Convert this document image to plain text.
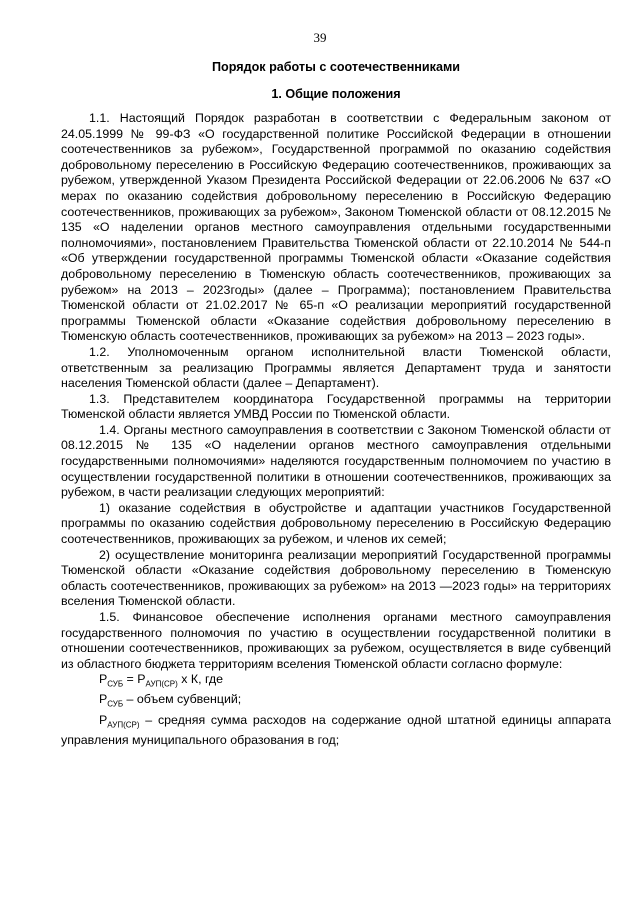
39
Порядок работы с соотечественниками
1. Общие положения

1.1. Настоящий Порядок разработан в соответствии с Федеральным законом от 24.05.1999 № 99-ФЗ «О государственной политике Российской Федерации в отношении соотечественников за рубежом», Государственной программой по оказанию содействия добровольному переселению в Российскую Федерацию соотечественников, проживающих за рубежом, утвержденной Указом Президента Российской Федерации от 22.06.2006 № 637 «О мерах по оказанию содействия добровольному переселению в Российскую Федерацию соотечественников, проживающих за рубежом», Законом Тюменской области от 08.12.2015 № 135 «О наделении органов местного самоуправления отдельными государственными полномочиями», постановлением Правительства Тюменской области от 22.10.2014 № 544-п «Об утверждении государственной программы Тюменской области «Оказание содействия добровольному переселению в Тюменскую область соотечественников, проживающих за рубежом» на 2013 – 2023годы» (далее – Программа); постановлением Правительства Тюменской области от 21.02.2017 № 65-п «О реализации мероприятий государственной программы Тюменской области «Оказание содействия добровольному переселению в Тюменскую область соотечественников, проживающих за рубежом» на 2013 – 2023 годы».

1.2. Уполномоченным органом исполнительной власти Тюменской области, ответственным за реализацию Программы является Департамент труда и занятости населения Тюменской области (далее – Департамент).

1.3. Представителем координатора Государственной программы на территории Тюменской области является УМВД России по Тюменской области.

1.4. Органы местного самоуправления в соответствии с Законом Тюменской области от 08.12.2015 № 135 «О наделении органов местного самоуправления отдельными государственными полномочиями» наделяются государственным полномочием по участию в осуществлении государственной политики в отношении соотечественников, проживающих за рубежом, в части реализации следующих мероприятий:

1) оказание содействия в обустройстве и адаптации участников Государственной программы по оказанию содействия добровольному переселению в Российскую Федерацию соотечественников, проживающих за рубежом, и членов их семей;

2) осуществление мониторинга реализации мероприятий Государственной программы Тюменской области «Оказание содействия добровольному переселению в Тюменскую область соотечественников, проживающих за рубежом» на 2013 —2023 годы» на территориях вселения Тюменской области.

1.5. Финансовое обеспечение исполнения органами местного самоуправления государственного полномочия по участию в осуществлении государственной политики в отношении соотечественников, проживающих за рубежом, осуществляется в виде субвенций из областного бюджета территориям вселения Тюменской области согласно формуле:

$Р_{СУБ} = Р_{АУП(СР)}$ х К, где

$Р_{СУБ}$ – объем субвенций;

$Р_{АУП(СР)}$ – средняя сумма расходов на содержание одной штатной единицы аппарата управления муниципального образования в год;
